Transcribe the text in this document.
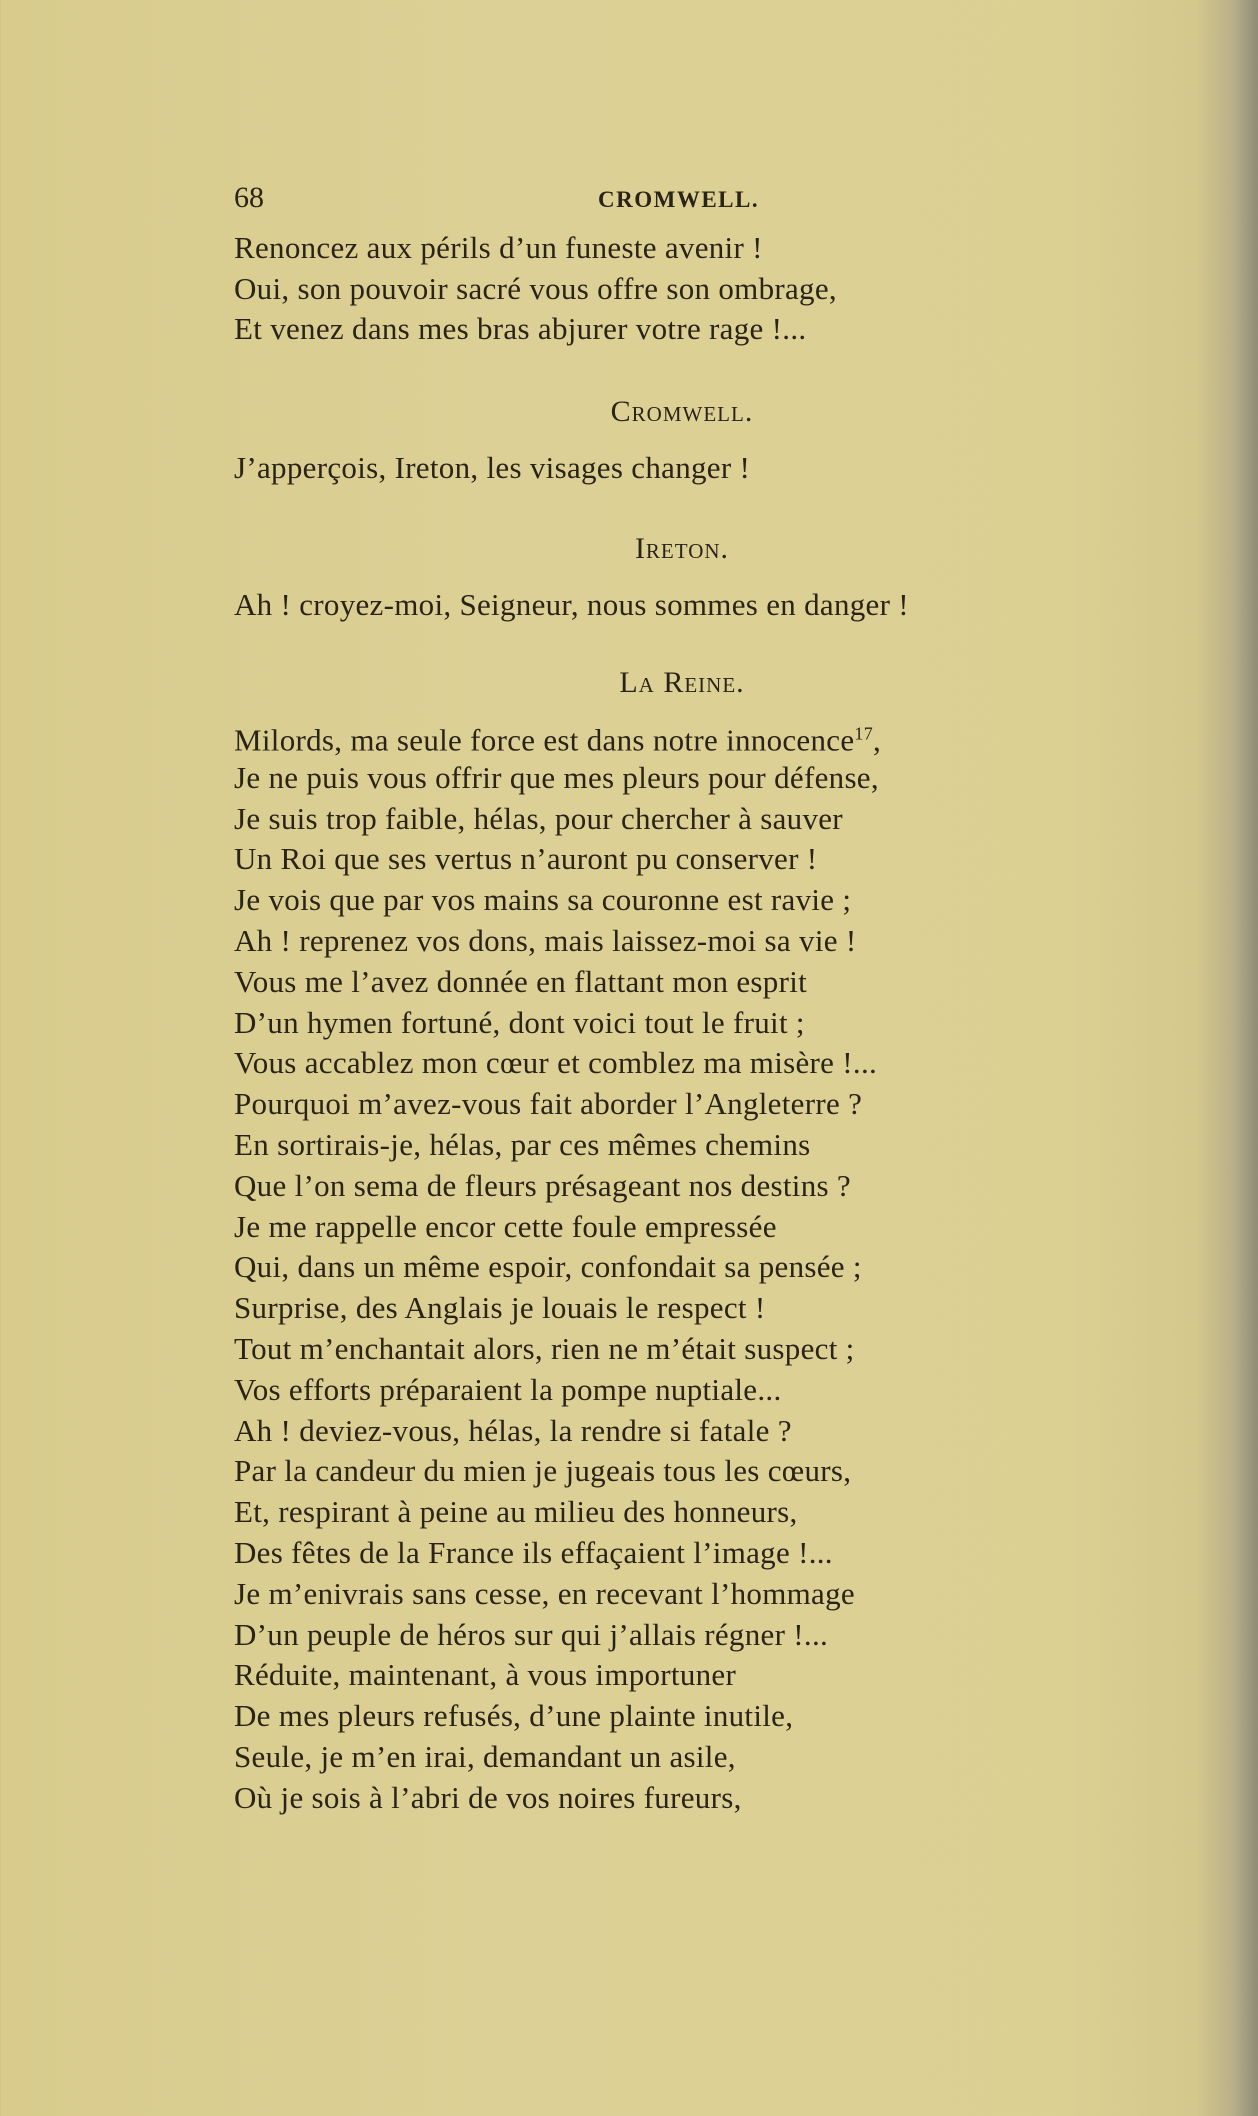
68	CROMWELL.
Renoncez aux périls d’un funeste avenir !
Oui, son pouvoir sacré vous offre son ombrage,
Et venez dans mes bras abjurer votre rage !...
Cromwell.
J’apperçois, Ireton, les visages changer !
Ireton.
Ah ! croyez-moi, Seigneur, nous sommes en danger !
La Reine.
Milords, ma seule force est dans notre innocence$^{17}$,
Je ne puis vous offrir que mes pleurs pour défense,
Je suis trop faible, hélas, pour chercher à sauver
Un Roi que ses vertus n’auront pu conserver !
Je vois que par vos mains sa couronne est ravie ;
Ah ! reprenez vos dons, mais laissez-moi sa vie !
Vous me l’avez donnée en flattant mon esprit
D’un hymen fortuné, dont voici tout le fruit ;
Vous accablez mon cœur et comblez ma misère !...
Pourquoi m’avez-vous fait aborder l’Angleterre ?
En sortirais-je, hélas, par ces mêmes chemins
Que l’on sema de fleurs présageant nos destins ?
Je me rappelle encor cette foule empressée
Qui, dans un même espoir, confondait sa pensée ;
Surprise, des Anglais je louais le respect !
Tout m’enchantait alors, rien ne m’était suspect ;
Vos efforts préparaient la pompe nuptiale...
Ah ! deviez-vous, hélas, la rendre si fatale ?
Par la candeur du mien je jugeais tous les cœurs,
Et, respirant à peine au milieu des honneurs,
Des fêtes de la France ils effaçaient l’image !...
Je m’enivrais sans cesse, en recevant l’hommage
D’un peuple de héros sur qui j’allais régner !...
Réduite, maintenant, à vous importuner
De mes pleurs refusés, d’une plainte inutile,
Seule, je m’en irai, demandant un asile,
Où je sois à l’abri de vos noires fureurs,
